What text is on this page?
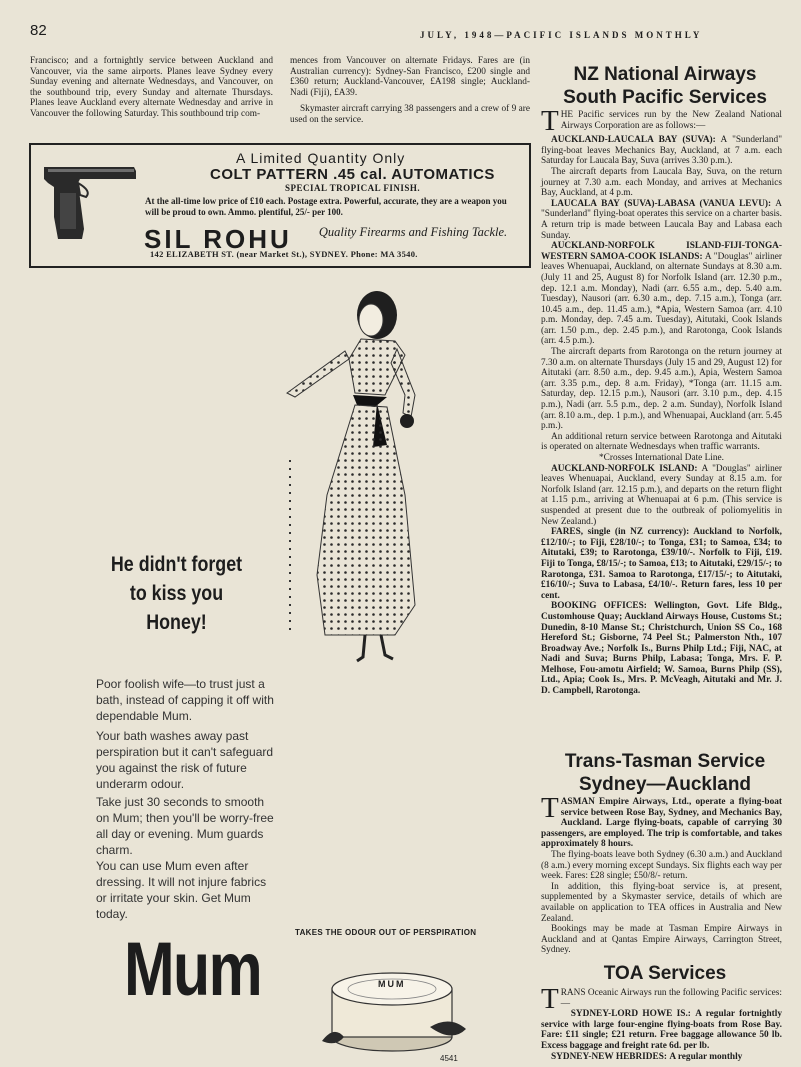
82	JULY, 1948—PACIFIC ISLANDS MONTHLY

Francisco; and a fortnightly service between Auckland and Vancouver, via the same airports. Planes leave Sydney every Sunday evening and alternate Wednesdays, and Vancouver, on the southbound trip, every Sunday and alternate Thursdays. Planes leave Auckland every alternate Wednesday and arrive in Vancouver the following Saturday. This southbound trip com-

mences from Vancouver on alternate Fridays. Fares are (in Australian currency): Sydney-San Francisco, £200 single and £360 return; Auckland-Vancouver, £A198 single; Auckland-Nadi (Fiji), £A39.

Skymaster aircraft carrying 38 passengers and a crew of 9 are used on the service.

A Limited Quantity Only
COLT PATTERN .45 cal. AUTOMATICS
SPECIAL TROPICAL FINISH.
At the all-time low price of £10 each. Postage extra. Powerful, accurate, they are a weapon you will be proud to own. Ammo. plentiful, 25/- per 100.
SIL ROHU	Quality Firearms and Fishing Tackle.
142 ELIZABETH ST. (near Market St.), SYDNEY. Phone: MA 3540.
He didn't forget
to kiss you
Honey!
Poor foolish wife—to trust just a bath, instead of capping it off with dependable Mum.
Your bath washes away past perspiration but it can't safeguard you against the risk of future underarm odour.
Take just 30 seconds to smooth on Mum; then you'll be worry-free all day or evening. Mum guards charm.
You can use Mum even after dressing. It will not injure fabrics or irritate your skin. Get Mum today.
Mum	TAKES THE ODOUR OUT OF PERSPIRATION
MUM
4541
NZ National Airways
South Pacific Services

T HE Pacific services run by the New Zealand National Airways Corporation are as follows:—

AUCKLAND-LAUCALA BAY (SUVA): A "Sunderland" flying-boat leaves Mechanics Bay, Auckland, at 7 a.m. each Saturday for Laucala Bay, Suva (arrives 3.30 p.m.).

The aircraft departs from Laucala Bay, Suva, on the return journey at 7.30 a.m. each Monday, and arrives at Mechanics Bay, Auckland, at 4 p.m.

LAUCALA BAY (SUVA)-LABASA (VANUA LEVU): A "Sunderland" flying-boat operates this service on a charter basis. A return trip is made between Laucala Bay and Labasa each Sunday.

AUCKLAND-NORFOLK ISLAND-FIJI-TONGA-WESTERN SAMOA-COOK ISLANDS: A "Douglas" airliner leaves Whenuapai, Auckland, on alternate Sundays at 8.30 a.m. (July 11 and 25, August 8) for Norfolk Island (arr. 12.30 p.m., dep. 12.1 a.m. Monday), Nadi (arr. 6.55 a.m., dep. 5.40 a.m. Tuesday), Nausori (arr. 6.30 a.m., dep. 7.15 a.m.), Tonga (arr. 10.45 a.m., dep. 11.45 a.m.), *Apia, Western Samoa (arr. 4.10 p.m. Monday, dep. 7.45 a.m. Tuesday), Aitutaki, Cook Islands (arr. 1.50 p.m., dep. 2.45 p.m.), and Rarotonga, Cook Islands (arr. 4.5 p.m.).

The aircraft departs from Rarotonga on the return journey at 7.30 a.m. on alternate Thursdays (July 15 and 29, August 12) for Aitutaki (arr. 8.50 a.m., dep. 9.45 a.m.), Apia, Western Samoa (arr. 3.35 p.m., dep. 8 a.m. Friday), *Tonga (arr. 11.15 a.m. Saturday, dep. 12.15 p.m.), Nausori (arr. 3.10 p.m., dep. 4.15 p.m.), Nadi (arr. 5.5 p.m., dep. 2 a.m. Sunday), Norfolk Island (arr. 8.10 a.m., dep. 1 p.m.), and Whenuapai, Auckland (arr. 5.45 p.m.).

An additional return service between Rarotonga and Aitutaki is operated on alternate Wednesdays when traffic warrants.

*Crosses International Date Line.

AUCKLAND-NORFOLK ISLAND: A "Douglas" airliner leaves Whenuapai, Auckland, every Sunday at 8.15 a.m. for Norfolk Island (arr. 12.15 p.m.), and departs on the return flight at 1.15 p.m., arriving at Whenuapai at 6 p.m. (This service is suspended at present due to the outbreak of poliomyelitis in New Zealand.)

FARES, single (in NZ currency): Auckland to Norfolk, £12/10/-; to Fiji, £28/10/-; to Tonga, £31; to Samoa, £34; to Aitutaki, £39; to Rarotonga, £39/10/-. Norfolk to Fiji, £19. Fiji to Tonga, £8/15/-; to Samoa, £13; to Aitutaki, £29/15/-; to Rarotonga, £31. Samoa to Rarotonga, £17/15/-; to Aitutaki, £16/10/-; Suva to Labasa, £4/10/-. Return fares, less 10 per cent.

BOOKING OFFICES: Wellington, Govt. Life Bldg., Customhouse Quay; Auckland Airways House, Customs St.; Dunedin, 8-10 Manse St.; Christchurch, Union SS Co., 168 Hereford St.; Gisborne, 74 Peel St.; Palmerston Nth., 107 Broadway Ave.; Norfolk Is., Burns Philp Ltd.; Fiji, NAC, at Nadi and Suva; Burns Philp, Labasa; Tonga, Mrs. F. P. Melhose, Fou-amotu Airfield; W. Samoa, Burns Philp (SS), Ltd., Apia; Cook Is., Mrs. P. McVeagh, Aitutaki and Mr. J. D. Campbell, Rarotonga.

Trans-Tasman Service
Sydney—Auckland

T ASMAN Empire Airways, Ltd., operate a flying-boat service between Rose Bay, Sydney, and Mechanics Bay, Auckland. Large flying-boats, capable of carrying 30 passengers, are employed. The trip is comfortable, and takes approximately 8 hours.

The flying-boats leave both Sydney (6.30 a.m.) and Auckland (8 a.m.) every morning except Sundays. Six flights each way per week. Fares: £28 single; £50/8/- return.

In addition, this flying-boat service is, at present, supplemented by a Skymaster service, details of which are available on application to TEA offices in Australia and New Zealand.

Bookings may be made at Tasman Empire Airways in Auckland and at Qantas Empire Airways, Carrington Street, Sydney.

TOA Services

T RANS Oceanic Airways run the following Pacific services:—

SYDNEY-LORD HOWE IS.: A regular fortnightly service with large four-engine flying-boats from Rose Bay. Fare: £11 single; £21 return. Free baggage allowance 50 lb. Excess baggage and freight rate 6d. per lb.

SYDNEY-NEW HEBRIDES: A regular monthly
